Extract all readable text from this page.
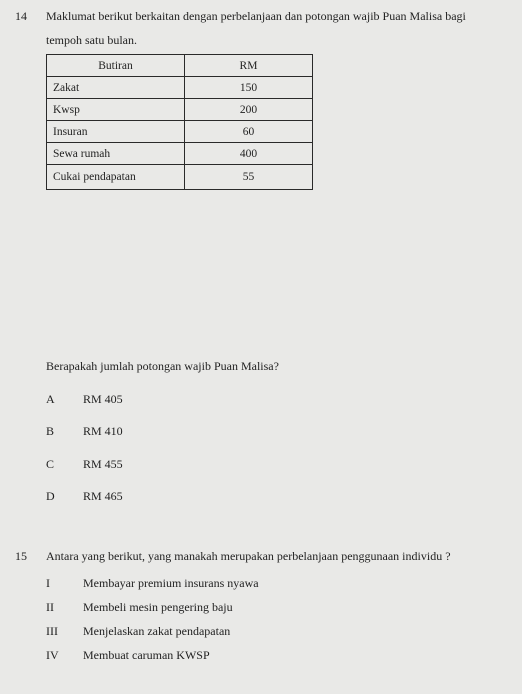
14 Maklumat berikut berkaitan dengan perbelanjaan dan potongan wajib Puan Malisa bagi
tempoh satu bulan.
Butiran	RM
Zakat	150
Kwsp	200
Insuran	60
Sewa rumah	400
Cukai pendapatan	55
Berapakah jumlah potongan wajib Puan Malisa?
A RM 405
B RM 410
C RM 455
D RM 465
15 Antara yang berikut, yang manakah merupakan perbelanjaan penggunaan individu ?
I	Membayar premium insurans nyawa
II Membeli mesin pengering baju
III Menjelaskan zakat pendapatan
IV Membuat caruman KWSP
